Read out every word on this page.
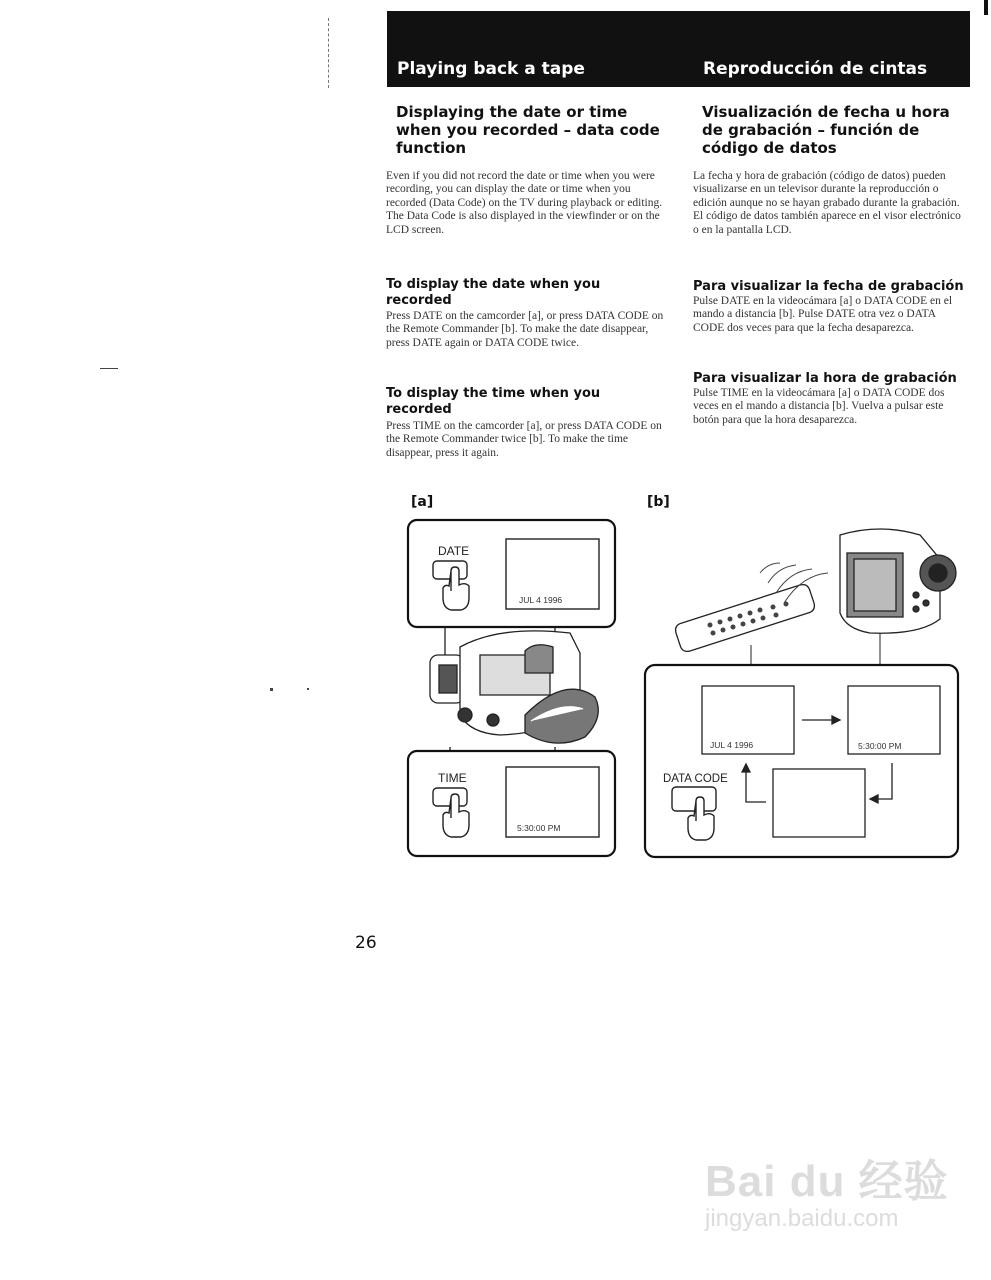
Playing back a tape	Reproducción de cintas
Displaying the date or time when you recorded – data code function
Even if you did not record the date or time when you were recording, you can display the date or time when you recorded (Data Code) on the TV during playback or editing. The Data Code is also displayed in the viewfinder or on the LCD screen.
To display the date when you recorded
Press DATE on the camcorder [a], or press DATA CODE on the Remote Commander [b]. To make the date disappear, press DATE again or DATA CODE twice.
To display the time when you recorded
Press TIME on the camcorder [a], or press DATA CODE on the Remote Commander twice [b]. To make the time disappear, press it again.
Visualización de fecha u hora de grabación – función de código de datos
La fecha y hora de grabación (código de datos) pueden visualizarse en un televisor durante la reproducción o edición aunque no se hayan grabado durante la grabación. El código de datos también aparece en el visor electrónico o en la pantalla LCD.
Para visualizar la fecha de grabación
Pulse DATE en la videocámara [a] o DATA CODE en el mando a distancia [b]. Pulse DATE otra vez o DATA CODE dos veces para que la fecha desaparezca.
Para visualizar la hora de grabación
Pulse TIME en la videocámara [a] o DATA CODE dos veces en el mando a distancia [b]. Vuelva a pulsar este botón para que la hora desaparezca.
[a]	[b]
DATE
JUL 4 1996
TIME
5:30:00 PM
JUL 4 1996	5:30:00 PM
DATA CODE
26
Bai du 经验
jingyan.baidu.com
